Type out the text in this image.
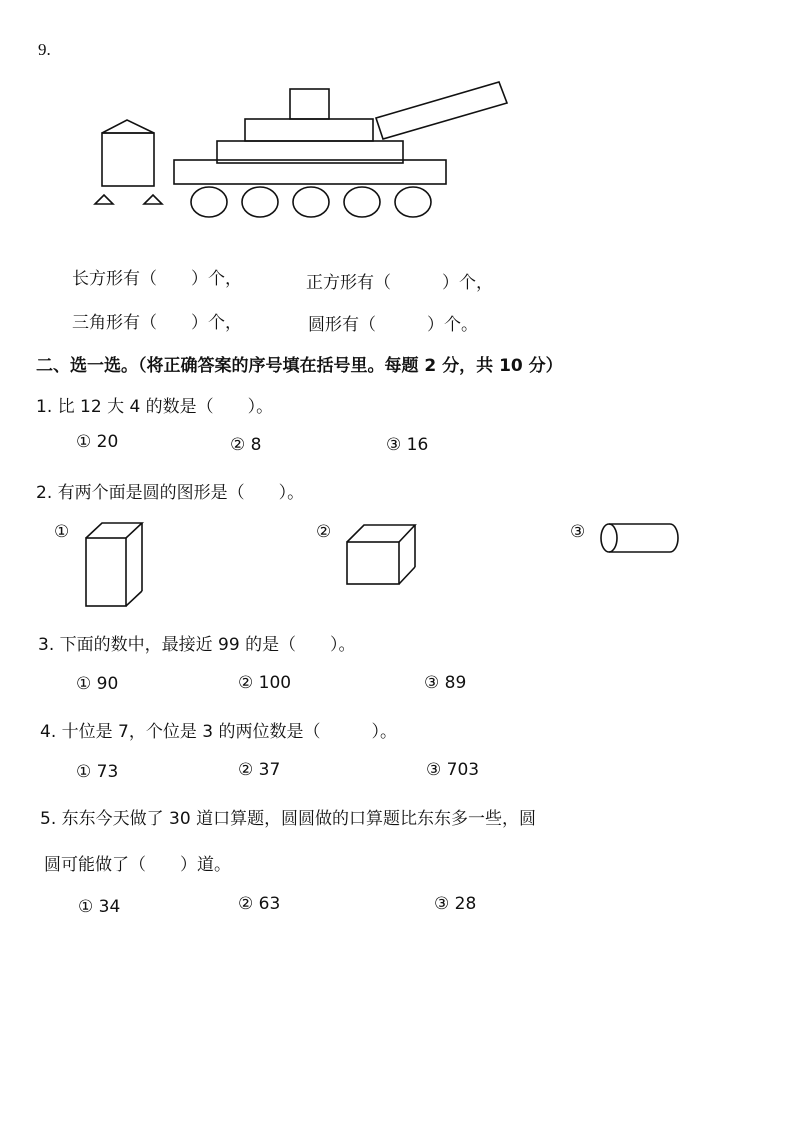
9.
长方形有（　　）个，	正方形有（　　　）个，
三角形有（　　）个，	圆形有（　　　）个。
二、选一选。（将正确答案的序号填在括号里。每题 2 分，共 10 分）
1. 比 12 大 4 的数是（　　）。
① 20	② 8	③ 16
2. 有两个面是圆的图形是（　　）。
①	②	③
3. 下面的数中，最接近 99 的是（　　）。
① 90	② 100	③ 89
4. 十位是 7，个位是 3 的两位数是（　　　）。
① 73	② 37	③ 703
5. 东东今天做了 30 道口算题，圆圆做的口算题比东东多一些，圆
圆可能做了（　　）道。
① 34	② 63	③ 28
